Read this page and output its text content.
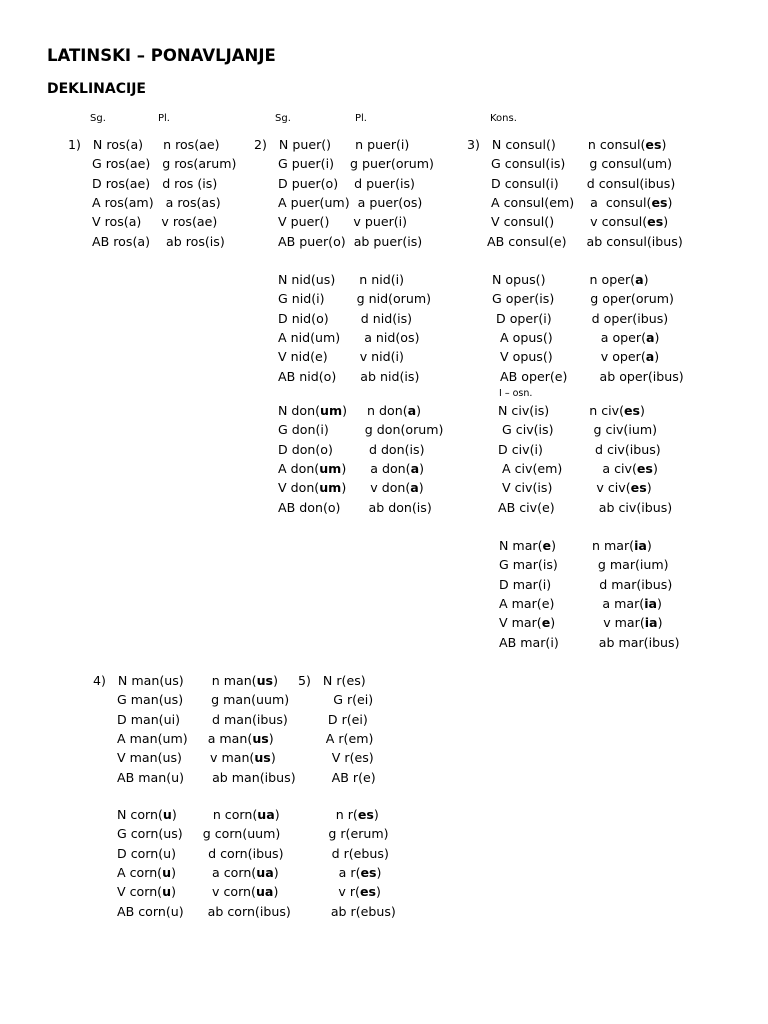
LATINSKI – PONAVLJANJE
DEKLINACIJE
Sg.	Pl.	Sg.	Pl.	Kons.
I – osn.
1)   N ros(a)     n ros(ae)
G ros(ae)   g ros(arum)
D ros(ae)   d ros (is)
A ros(am)   a ros(as)
V ros(a)     v ros(ae)
AB ros(a)    ab ros(is)
2)   N puer()      n puer(i)
G puer(i)    g puer(orum)
D puer(o)    d puer(is)
A puer(um)  a puer(os)
V puer()      v puer(i)
AB puer(o)  ab puer(is)
N nid(us)      n nid(i)
G nid(i)        g nid(orum)
D nid(o)        d nid(is)
A nid(um)      a nid(os)
V nid(e)        v nid(i)
AB nid(o)      ab nid(is)
N don(um)     n don(a)
G don(i)         g don(orum)
D don(o)         d don(is)
A don(um)      a don(a)
V don(um)      v don(a)
AB don(o)       ab don(is)
3)   N consul()        n consul(es)
G consul(is)      g consul(um)
D consul(i)       d consul(ibus)
A consul(em)    a  consul(es)
V consul()         v consul(es)
AB consul(e)     ab consul(ibus)
N opus()           n oper(a)
G oper(is)         g oper(orum)
D oper(i)          d oper(ibus)
A opus()            a oper(a)
V opus()            v oper(a)
AB oper(e)        ab oper(ibus)
N civ(is)          n civ(es)
G civ(is)          g civ(ium)
D civ(i)             d civ(ibus)
A civ(em)          a civ(es)
V civ(is)           v civ(es)
AB civ(e)           ab civ(ibus)
N mar(e)         n mar(ia)
G mar(is)          g mar(ium)
D mar(i)            d mar(ibus)
A mar(e)            a mar(ia)
V mar(e)            v mar(ia)
AB mar(i)          ab mar(ibus)
4)   N man(us)       n man(us)     5)   N r(es)
G man(us)       g man(uum)           G r(ei)
D man(ui)        d man(ibus)          D r(ei)
A man(um)     a man(us)             A r(em)
V man(us)       v man(us)              V r(es)
AB man(u)       ab man(ibus)         AB r(e)
N corn(u)         n corn(ua)              n r(es)
G corn(us)     g corn(uum)            g r(erum)
D corn(u)        d corn(ibus)            d r(ebus)
A corn(u)         a corn(ua)               a r(es)
V corn(u)         v corn(ua)               v r(es)
AB corn(u)      ab corn(ibus)          ab r(ebus)
